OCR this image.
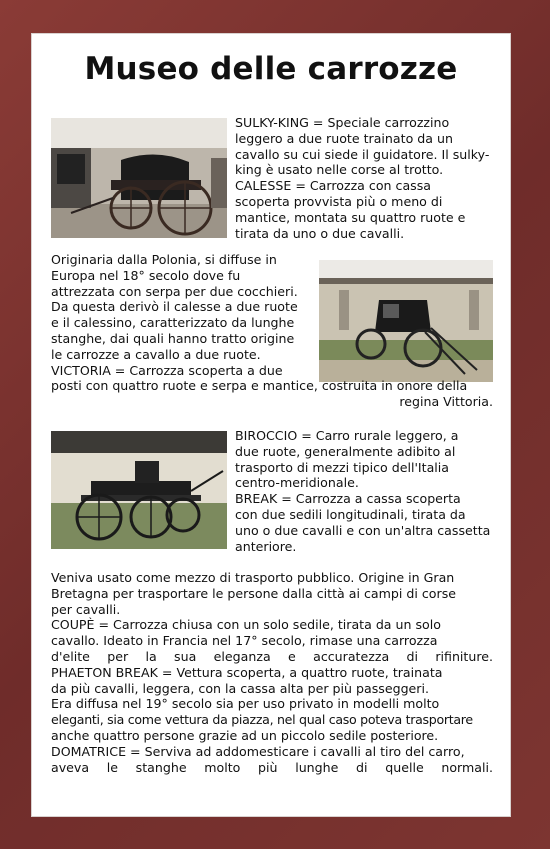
Museo delle carrozze

SULKY-KING = Speciale carrozzino

leggero a due ruote trainato da un

cavallo su cui siede il guidatore. Il sulky-

king è usato nelle corse al trotto.

CALESSE = Carrozza con cassa

scoperta provvista più o meno di

mantice, montata su quattro ruote e

tirata da uno o due cavalli.

Originaria dalla Polonia, si diffuse in

Europa nel 18° secolo dove fu

attrezzata con serpa per due cocchieri.

Da questa derivò il calesse a due ruote

e il calessino, caratterizzato da lunghe

stanghe, dai quali hanno tratto origine

le carrozze a cavallo a due ruote.

VICTORIA = Carrozza scoperta a due

posti con quattro ruote e serpa e mantice, costruita in onore della

regina Vittoria.

BIROCCIO = Carro rurale leggero, a

due ruote, generalmente adibito al

trasporto di mezzi tipico dell'Italia

centro-meridionale.

BREAK = Carrozza a cassa scoperta

con due sedili longitudinali, tirata da

uno o due cavalli e con un'altra cassetta

anteriore.

Veniva usato come mezzo di trasporto pubblico. Origine in Gran

Bretagna per trasportare le persone dalla città ai campi di corse

per cavalli.

COUPÈ = Carrozza chiusa con un solo sedile, tirata da un solo

cavallo. Ideato in Francia nel 17° secolo, rimase una carrozza

d'elite per la sua eleganza e accuratezza di rifiniture.

PHAETON BREAK = Vettura scoperta, a quattro ruote, trainata

da più cavalli, leggera, con la cassa alta per più passeggeri.

Era diffusa nel 19° secolo sia per uso privato in modelli molto

eleganti, sia come vettura da piazza, nel qual caso poteva trasportare

anche quattro persone grazie ad un piccolo sedile posteriore.

DOMATRICE = Serviva ad addomesticare i cavalli al tiro del carro,

aveva le stanghe molto più lunghe di quelle normali.
